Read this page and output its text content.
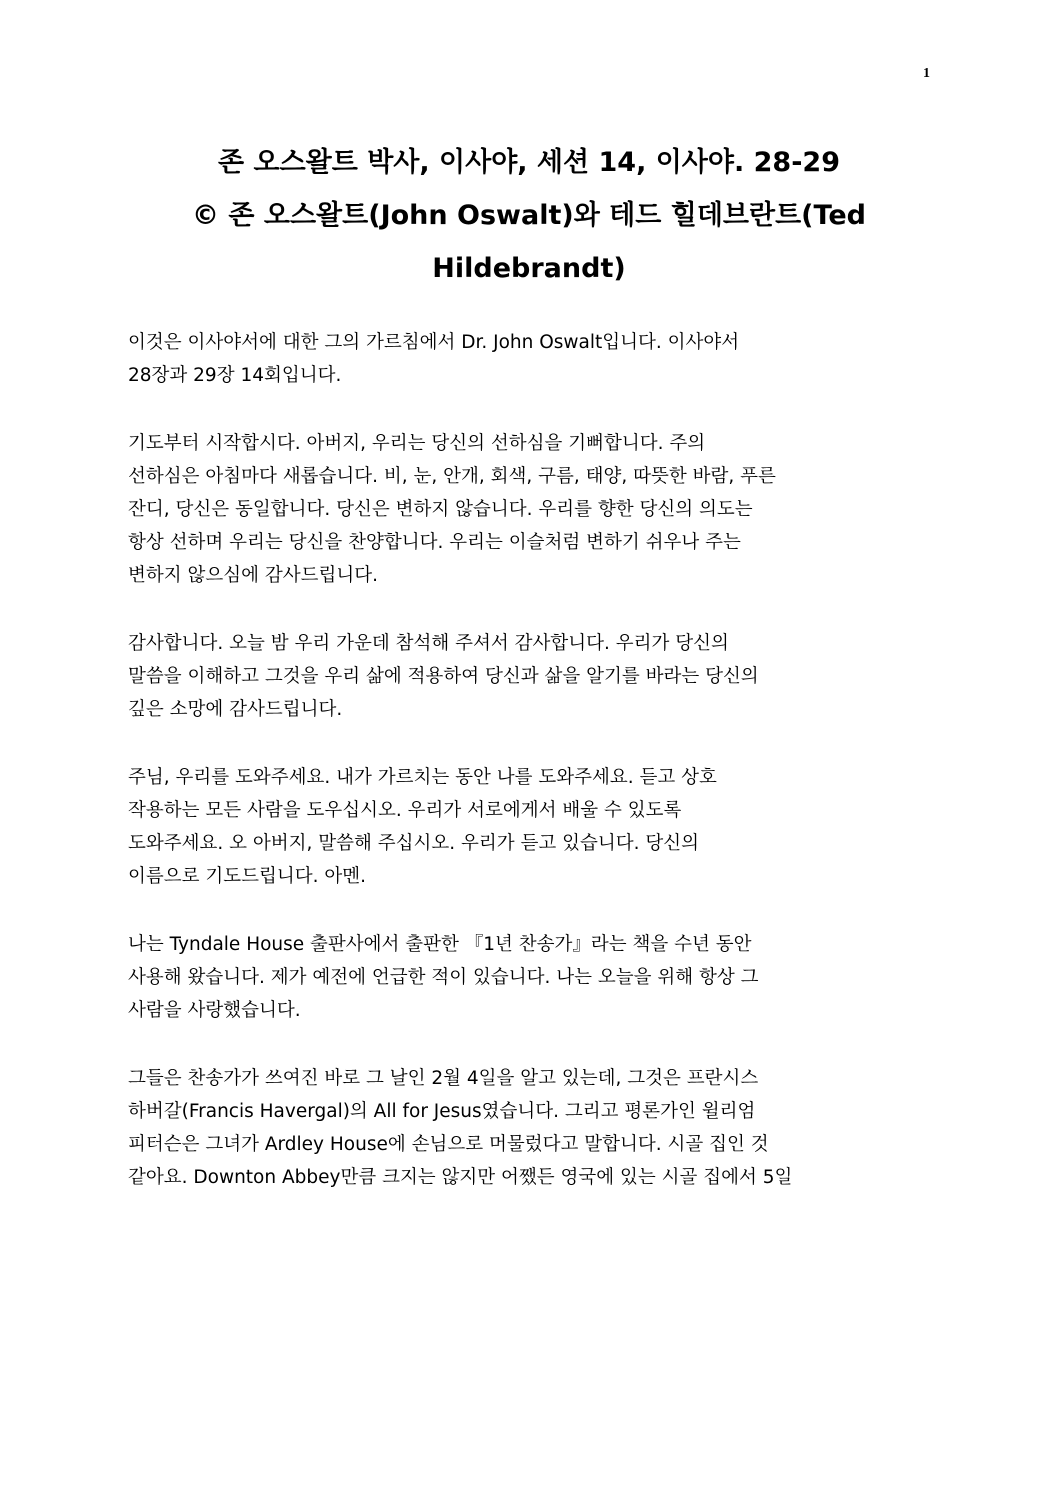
1
존 오스왈트 박사, 이사야, 세션 14, 이사야. 28-29
© 존 오스왈트(John Oswalt)와 테드 힐데브란트(Ted
Hildebrandt)

이것은 이사야서에 대한 그의 가르침에서 Dr. John Oswalt입니다. 이사야서
28장과 29장 14회입니다.

기도부터 시작합시다. 아버지, 우리는 당신의 선하심을 기뻐합니다. 주의
선하심은 아침마다 새롭습니다. 비, 눈, 안개, 회색, 구름, 태양, 따뜻한 바람, 푸른
잔디, 당신은 동일합니다. 당신은 변하지 않습니다. 우리를 향한 당신의 의도는
항상 선하며 우리는 당신을 찬양합니다. 우리는 이슬처럼 변하기 쉬우나 주는
변하지 않으심에 감사드립니다.

감사합니다. 오늘 밤 우리 가운데 참석해 주셔서 감사합니다. 우리가 당신의
말씀을 이해하고 그것을 우리 삶에 적용하여 당신과 삶을 알기를 바라는 당신의
깊은 소망에 감사드립니다.

주님, 우리를 도와주세요. 내가 가르치는 동안 나를 도와주세요. 듣고 상호
작용하는 모든 사람을 도우십시오. 우리가 서로에게서 배울 수 있도록
도와주세요. 오 아버지, 말씀해 주십시오. 우리가 듣고 있습니다. 당신의
이름으로 기도드립니다. 아멘.

나는 Tyndale House 출판사에서 출판한 『1년 찬송가』라는 책을 수년 동안
사용해 왔습니다. 제가 예전에 언급한 적이 있습니다. 나는 오늘을 위해 항상 그
사람을 사랑했습니다.

그들은 찬송가가 쓰여진 바로 그 날인 2월 4일을 알고 있는데, 그것은 프란시스
하버갈(Francis Havergal)의 All for Jesus였습니다. 그리고 평론가인 윌리엄
피터슨은 그녀가 Ardley House에 손님으로 머물렀다고 말합니다. 시골 집인 것
같아요. Downton Abbey만큼 크지는 않지만 어쨌든 영국에 있는 시골 집에서 5일
